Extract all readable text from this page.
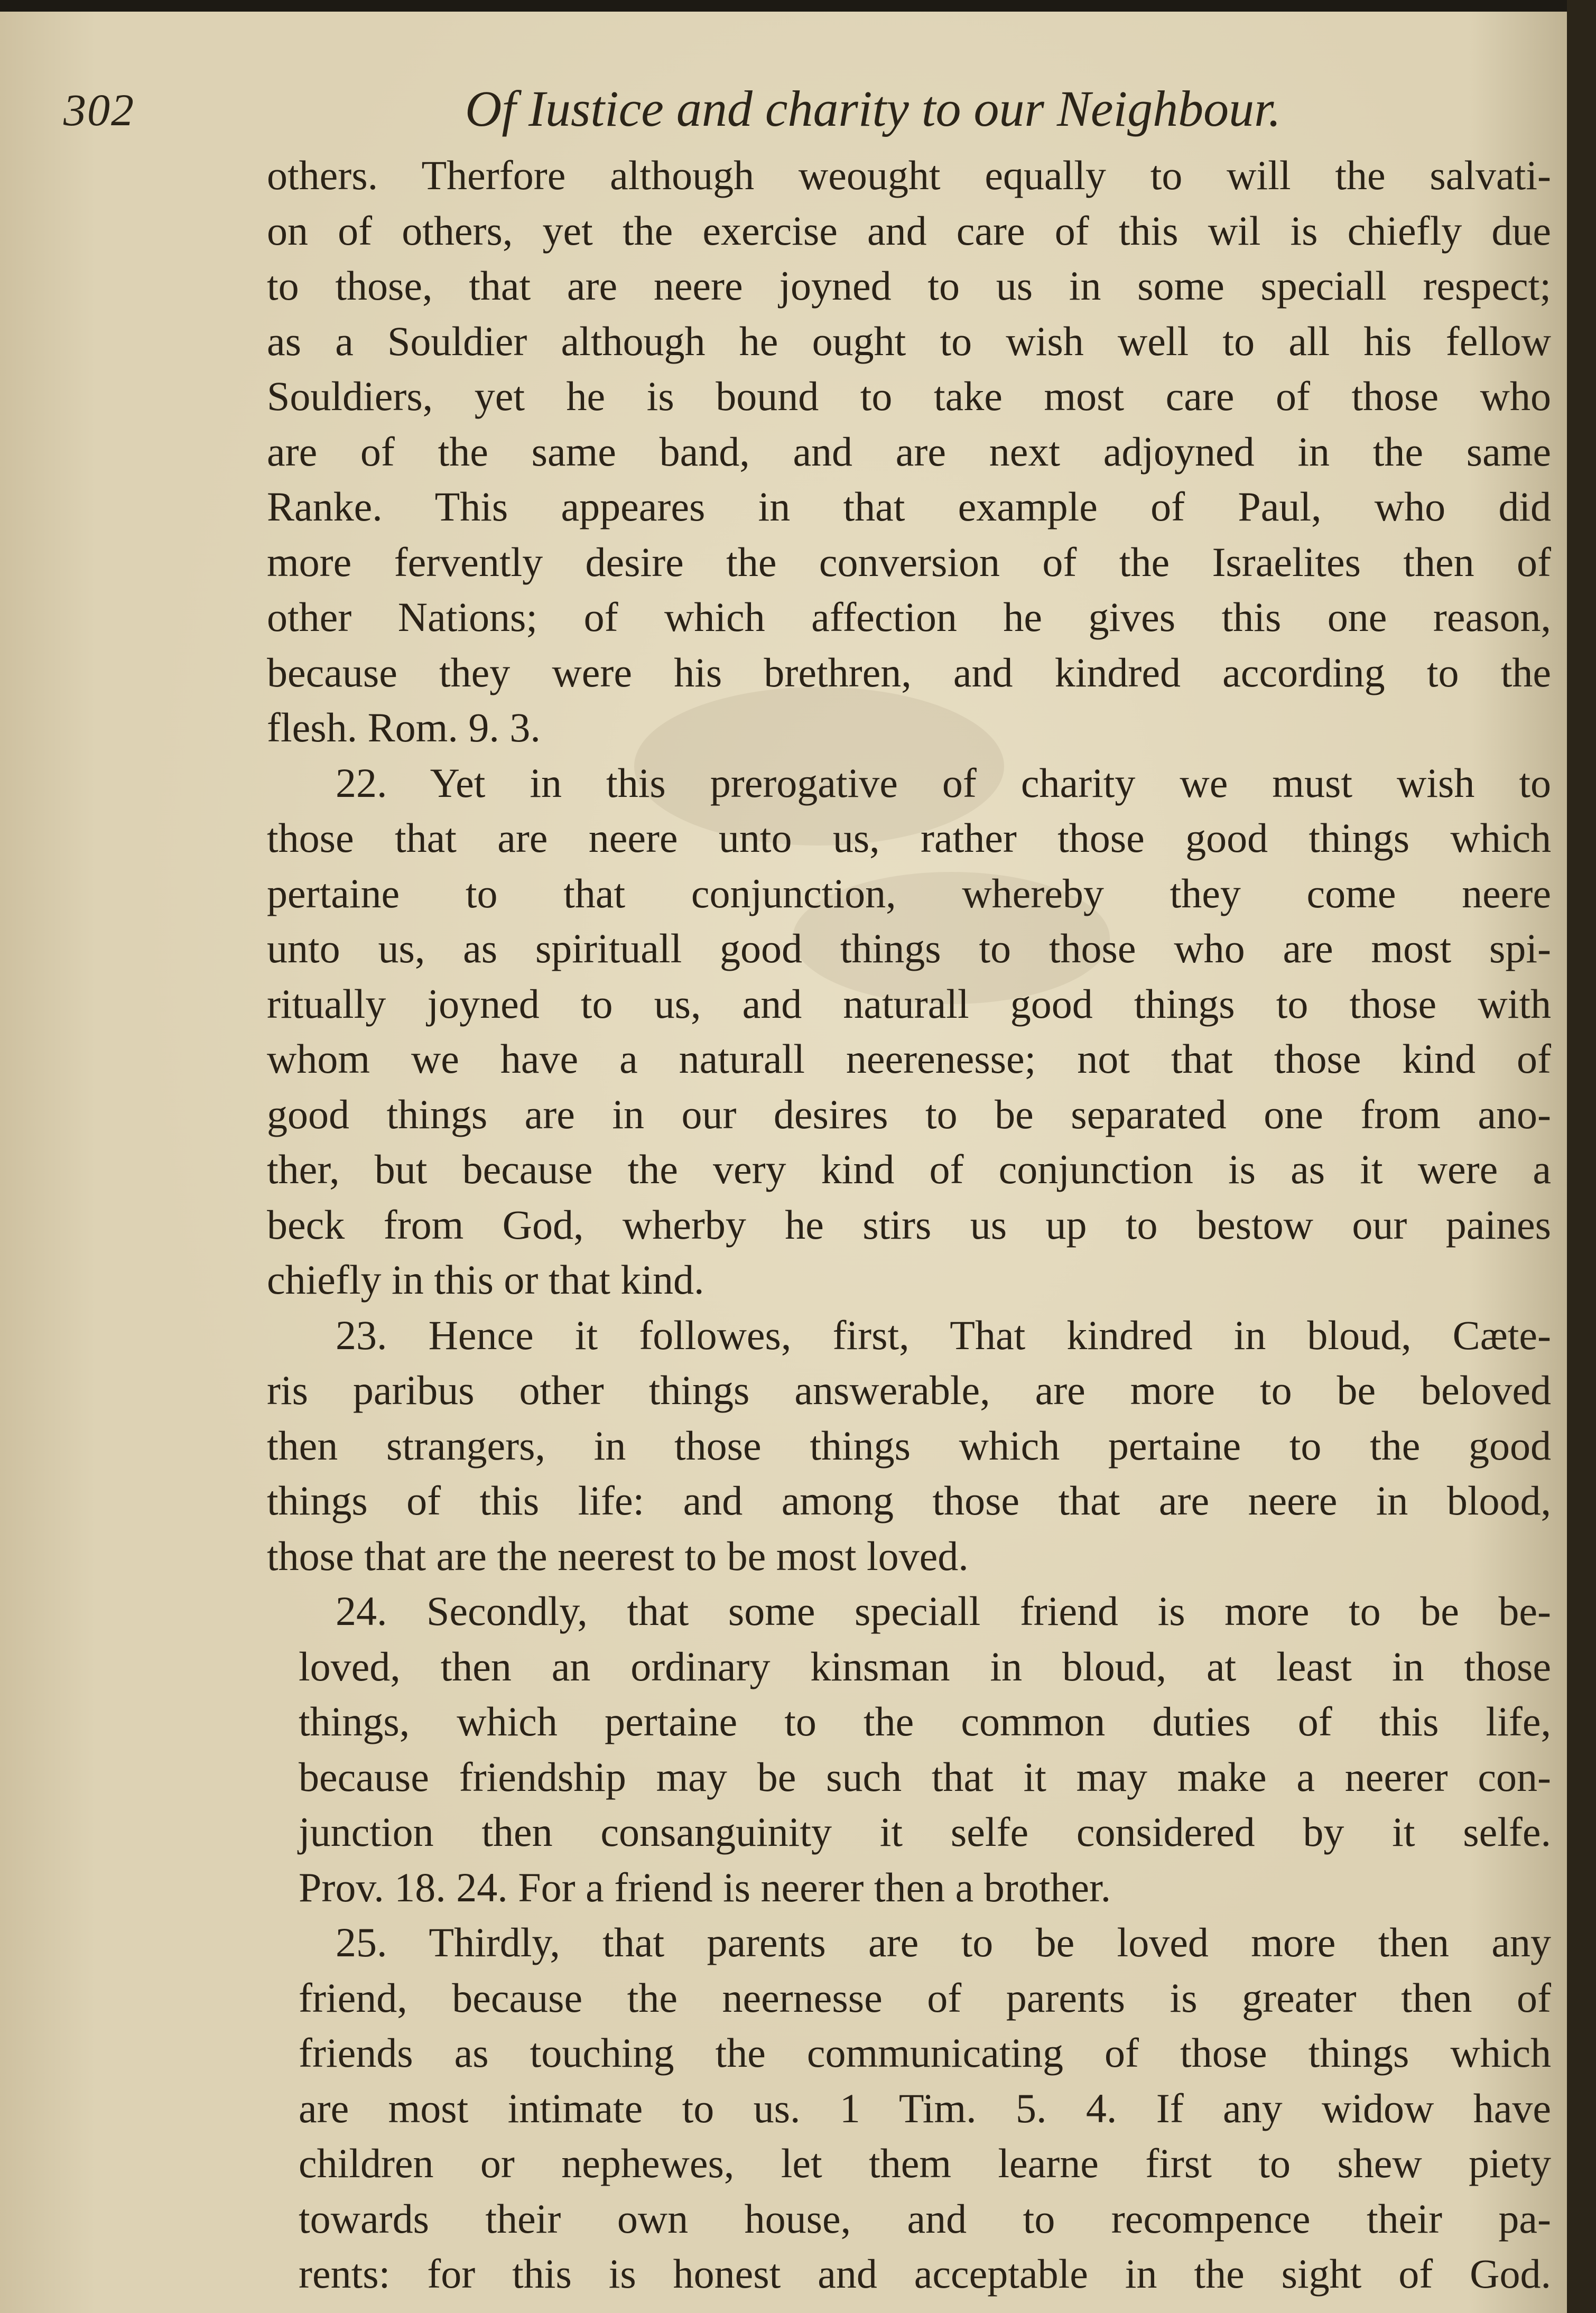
302	Of Iustice and charity to our Neighbour.
others. Therfore although weought equally to will the salvati-
on of others, yet the exercise and care of this wil is chiefly due
to those, that are neere joyned to us in some speciall respect;
as a Souldier although he ought to wish well to all his fellow
Souldiers, yet he is bound to take most care of those who
are of the same band, and are next adjoyned in the same
Ranke. This appeares in that example of Paul, who did
more fervently desire the conversion of the Israelites then of
other Nations; of which affection he gives this one reason,
because they were his brethren, and kindred according to the
flesh. Rom. 9. 3.
22. Yet in this prerogative of charity we must wish to
those that are neere unto us, rather those good things which
pertaine to that conjunction, whereby they come neere
unto us, as spirituall good things to those who are most spi-
ritually joyned to us, and naturall good things to those with
whom we have a naturall neerenesse; not that those kind of
good things are in our desires to be separated one from ano-
ther, but because the very kind of conjunction is as it were a
beck from God, wherby he stirs us up to bestow our paines
chiefly in this or that kind.
23. Hence it followes, first, That kindred in bloud, Cæte-
ris paribus other things answerable, are more to be beloved
then strangers, in those things which pertaine to the good
things of this life: and among those that are neere in blood,
those that are the neerest to be most loved.
24. Secondly, that some speciall friend is more to be be-
loved, then an ordinary kinsman in bloud, at least in those
things, which pertaine to the common duties of this life,
because friendship may be such that it may make a neerer con-
junction then consanguinity it selfe considered by it selfe.
Prov. 18. 24. For a friend is neerer then a brother.
25. Thirdly, that parents are to be loved more then any
friend, because the neernesse of parents is greater then of
friends as touching the communicating of those things which
are most intimate to us. 1 Tim. 5. 4. If any widow have
children or nephewes, let them learne first to shew piety
towards their own house, and to recompence their pa-
rents: for this is honest and acceptable in the sight of God.
